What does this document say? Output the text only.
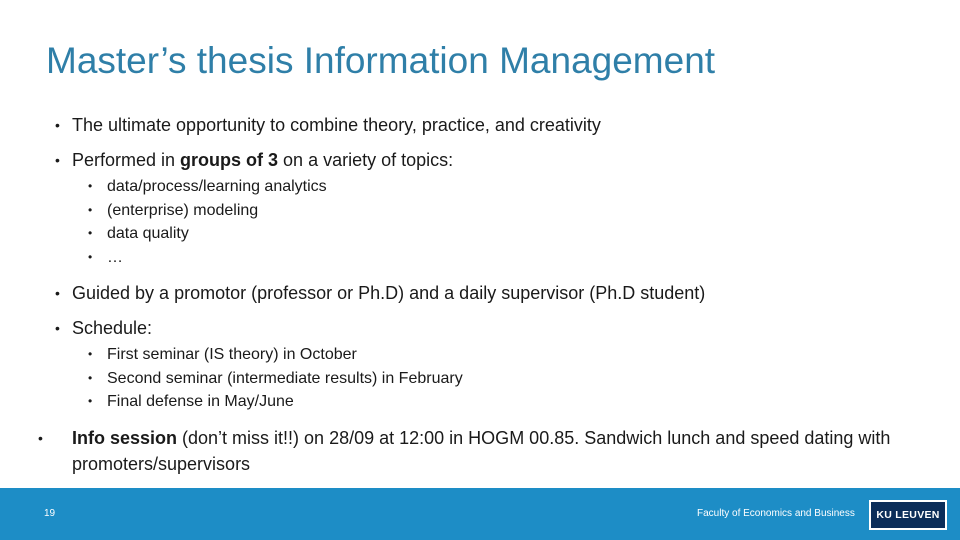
Master’s thesis Information Management
• The ultimate opportunity to combine theory, practice, and creativity
• Performed in groups of 3 on a variety of topics:
• data/process/learning analytics
• (enterprise) modeling
• data quality
• …
• Guided by a promotor (professor or Ph.D) and a daily supervisor (Ph.D student)
• Schedule:
• First seminar (IS theory) in October
• Second seminar (intermediate results) in February
• Final defense in May/June
• Info session (don’t miss it!!) on 28/09 at 12:00 in HOGM 00.85. Sandwich lunch and speed dating with promoters/supervisors
19	Faculty of Economics and Business KU LEUVEN
